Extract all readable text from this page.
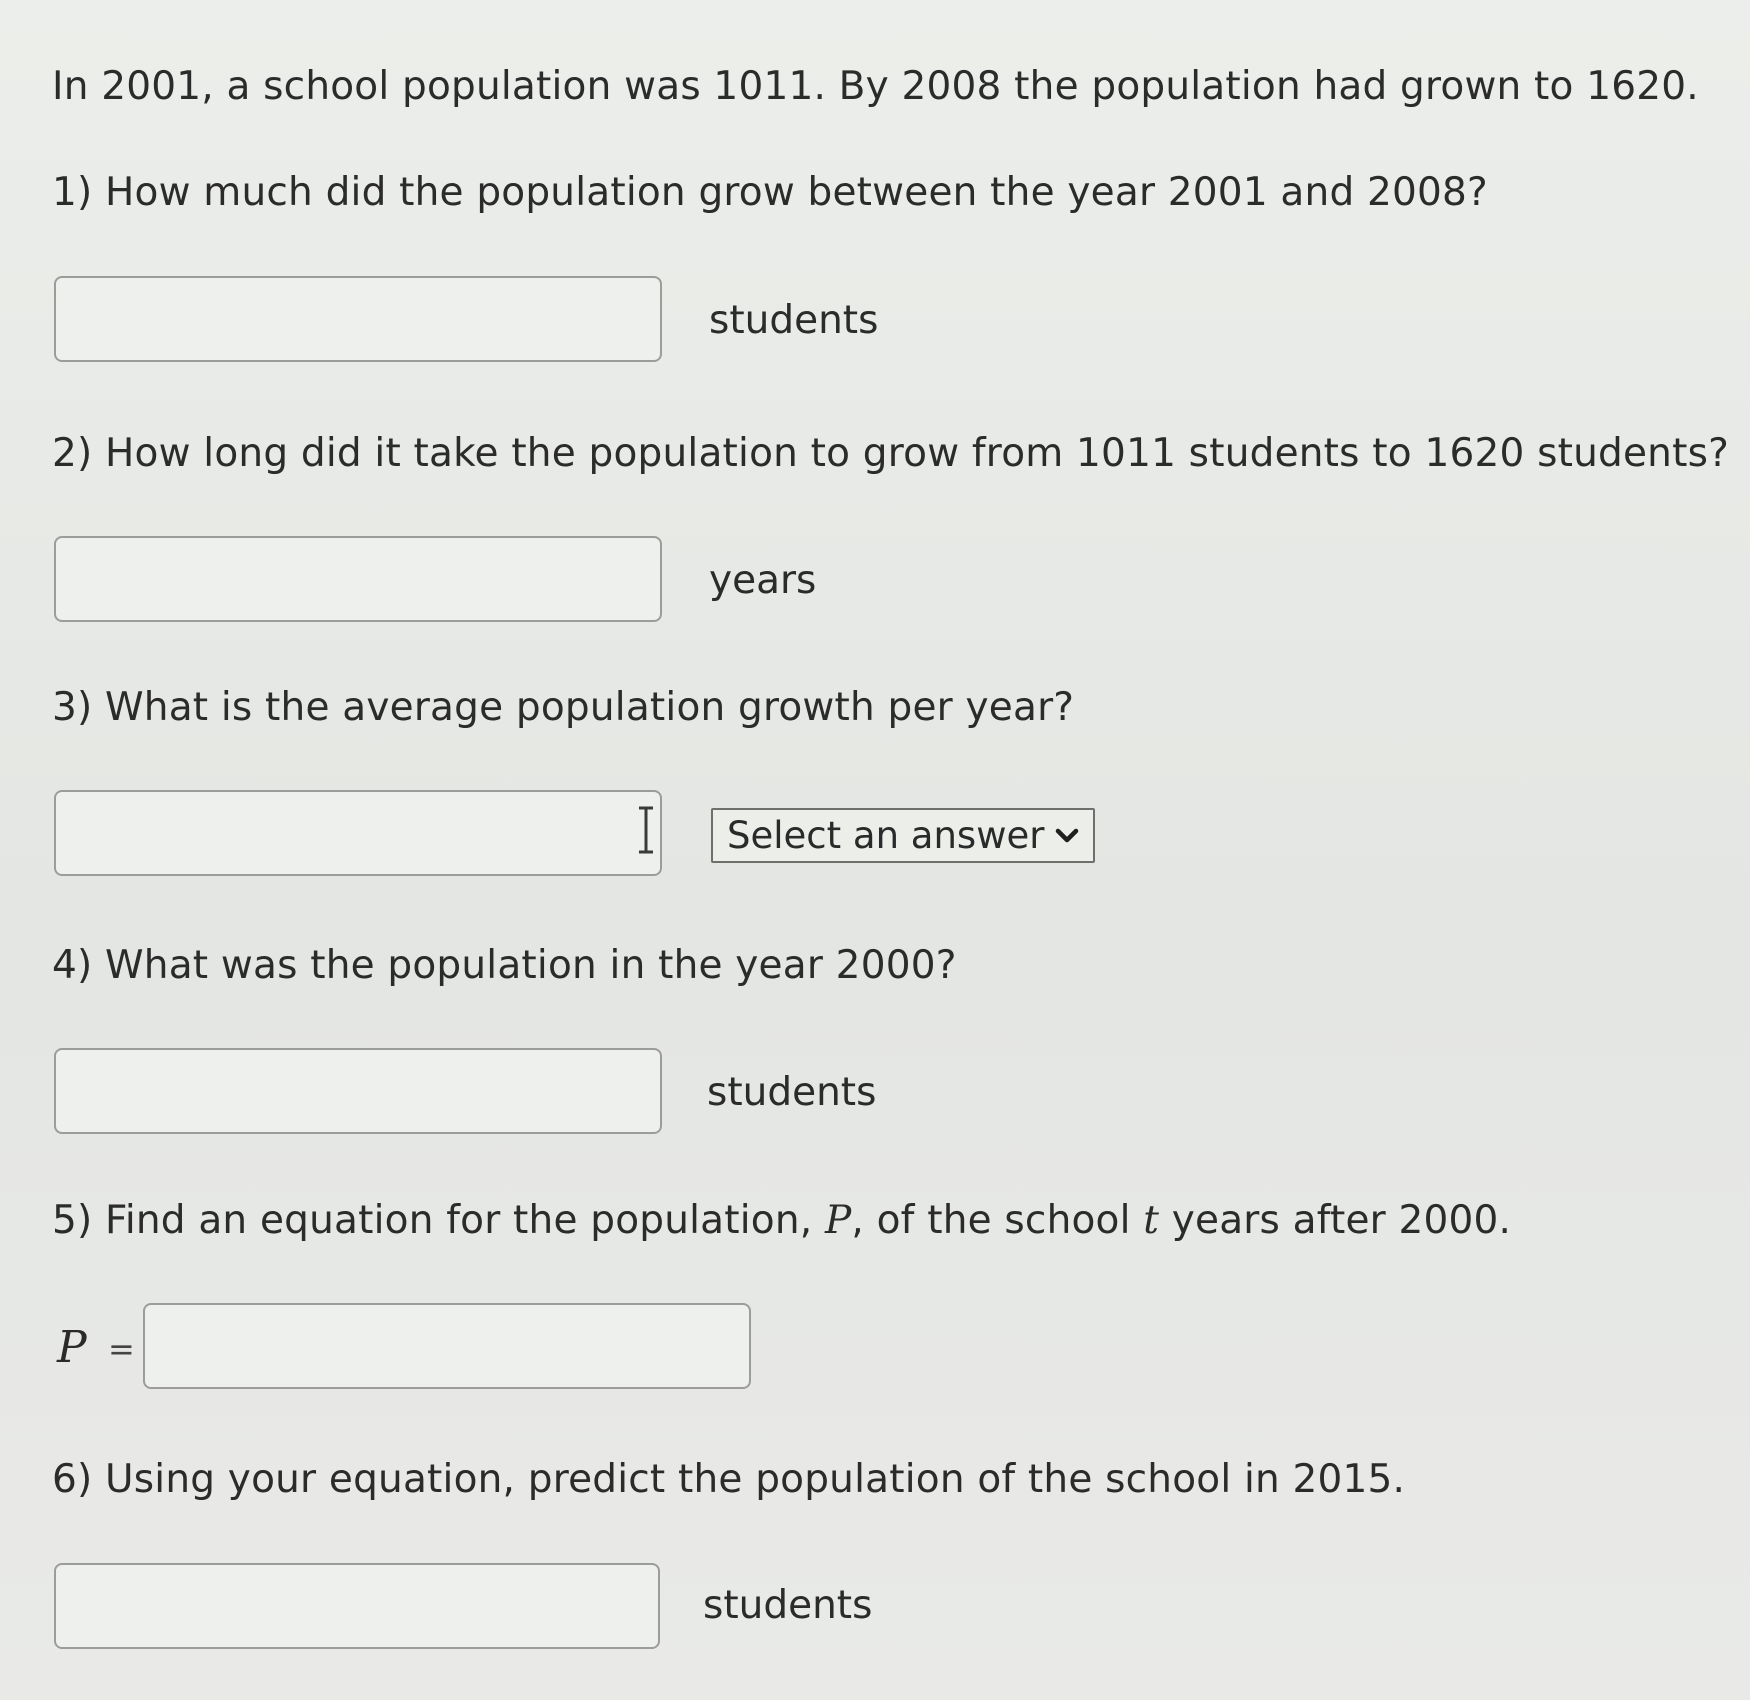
In 2001, a school population was 1011. By 2008 the population had grown to 1620.
1) How much did the population grow between the year 2001 and 2008?
students
2) How long did it take the population to grow from 1011 students to 1620 students?
years
3) What is the average population growth per year?
Select an answer
4) What was the population in the year 2000?
students
5) Find an equation for the population, P, of the school t years after 2000.
P =
6) Using your equation, predict the population of the school in 2015.
students
